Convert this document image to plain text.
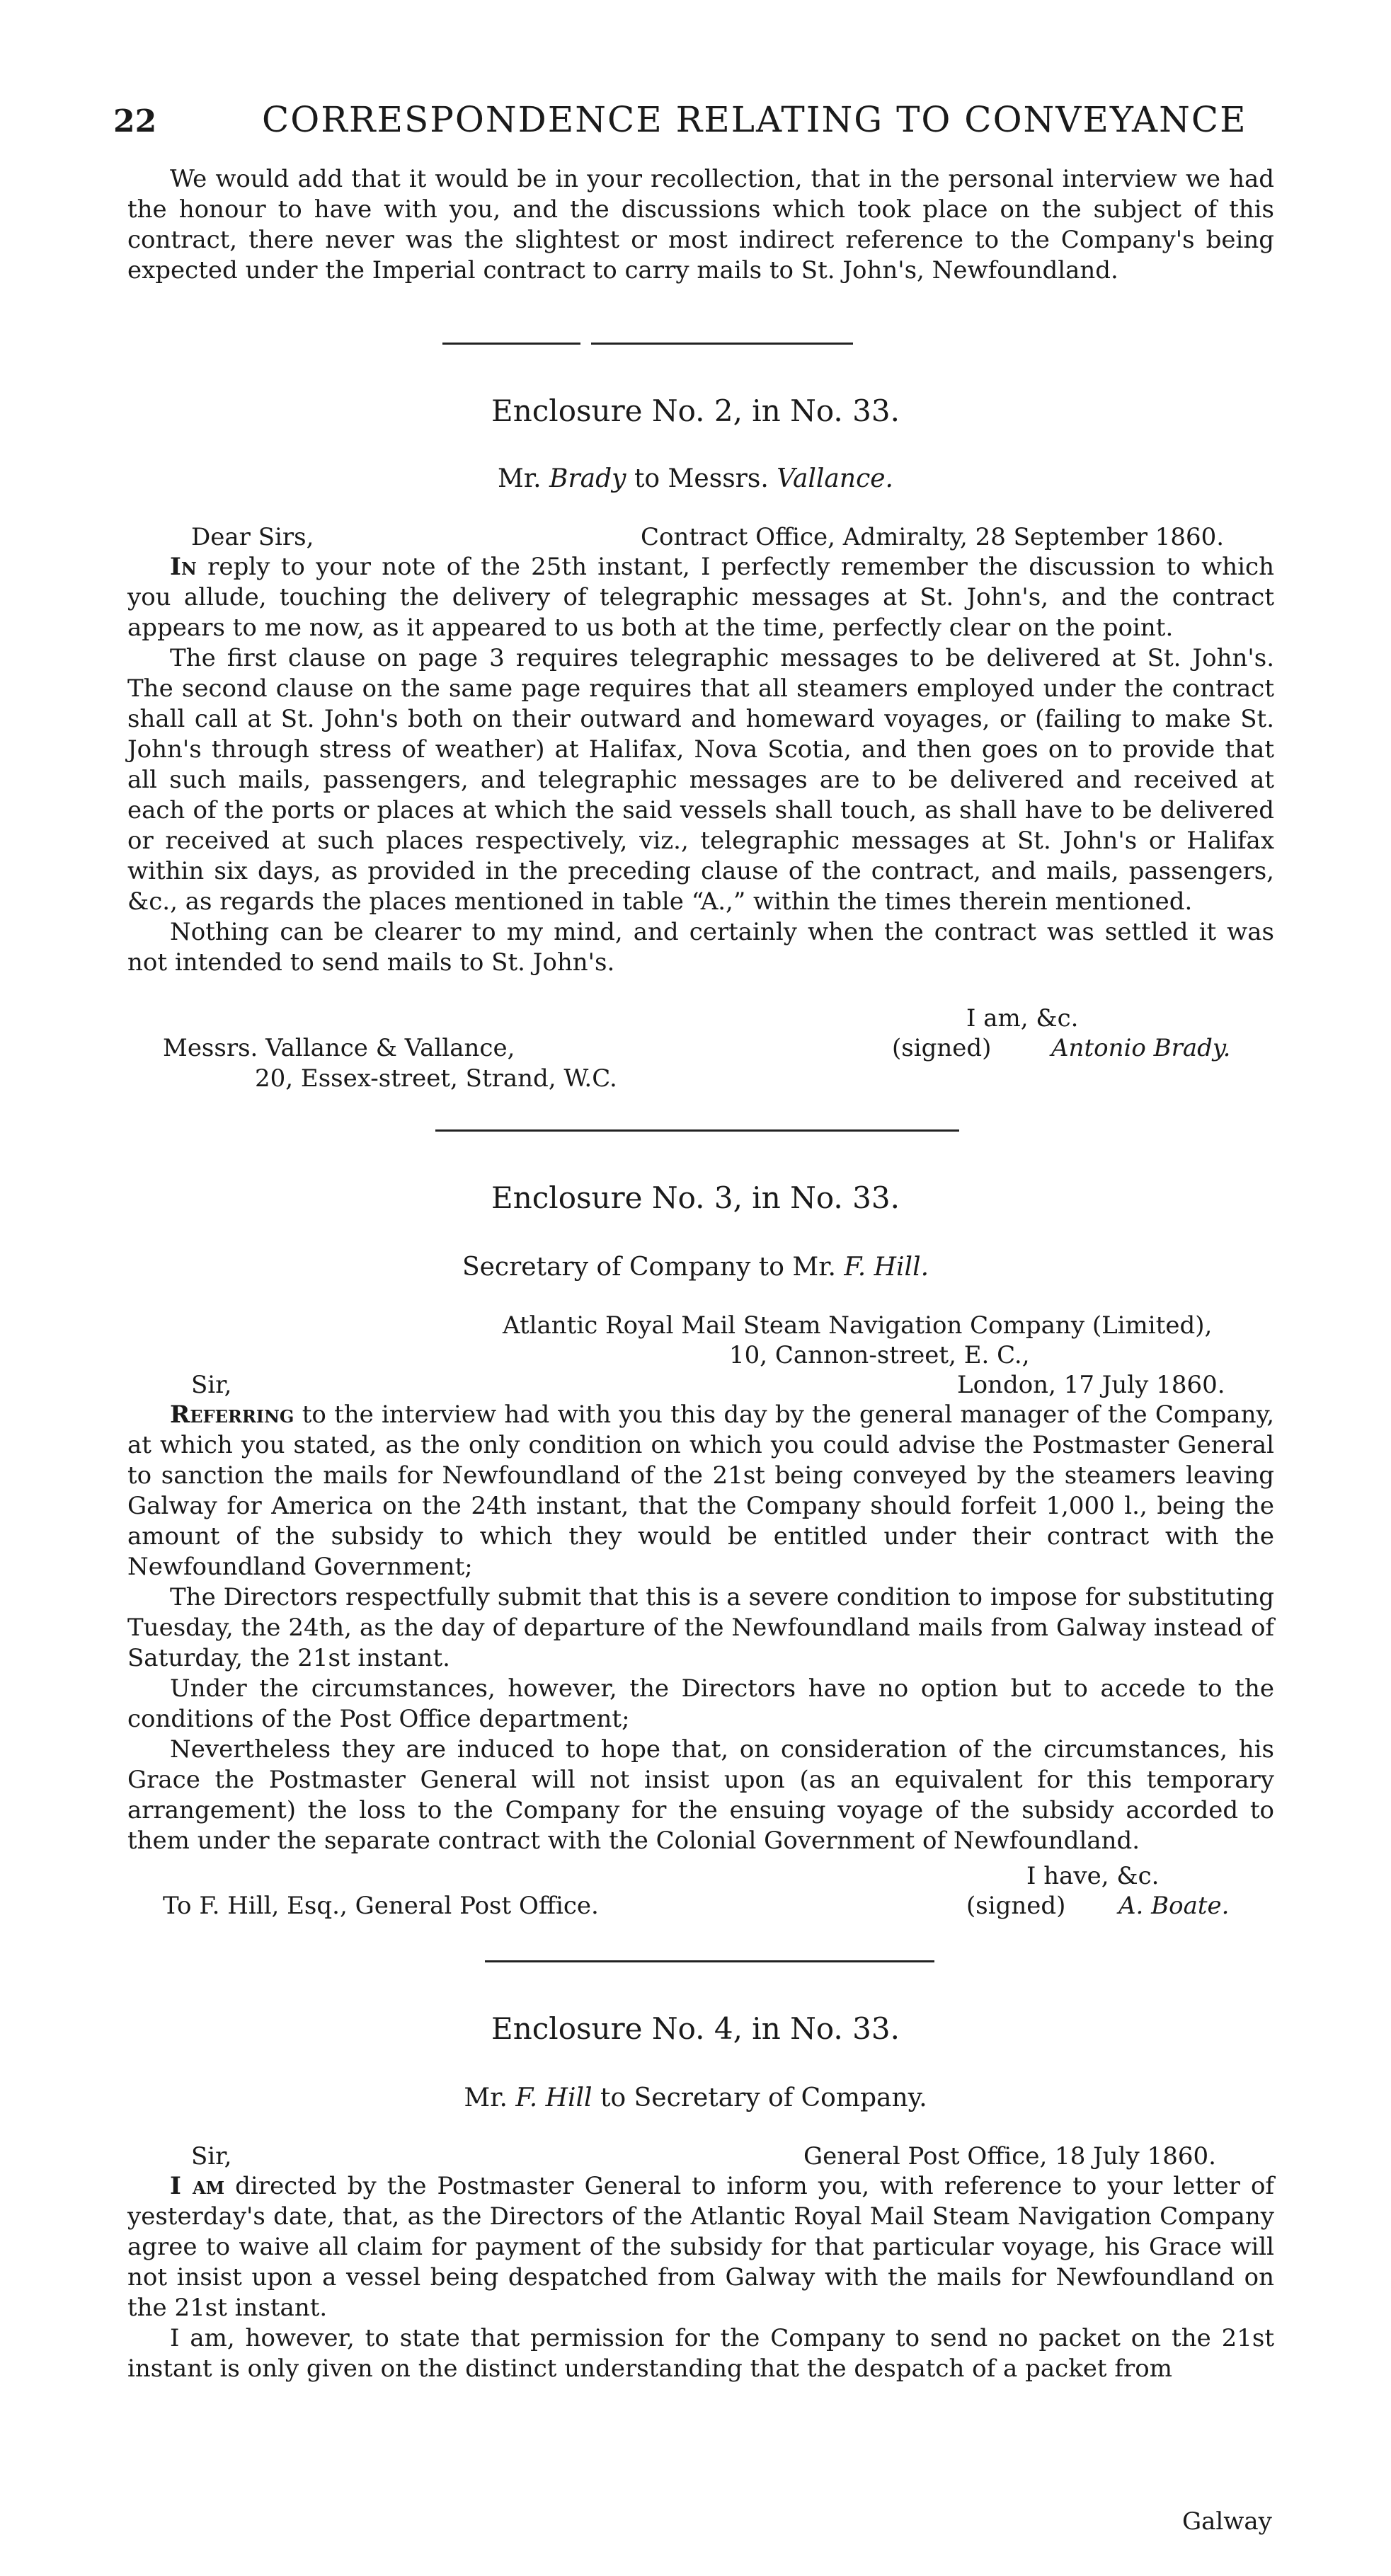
22	CORRESPONDENCE RELATING TO CONVEYANCE

We would add that it would be in your recollection, that in the personal interview we had the honour to have with you, and the discussions which took place on the subject of this contract, there never was the slightest or most indirect reference to the Company's being expected under the Imperial contract to carry mails to St. John's, Newfoundland.

Enclosure No. 2, in No. 33.
Mr. Brady to Messrs. Vallance.
Dear Sirs,	Contract Office, Admiralty, 28 September 1860.

In reply to your note of the 25th instant, I perfectly remember the discussion to which you allude, touching the delivery of telegraphic messages at St. John's, and the contract appears to me now, as it appeared to us both at the time, perfectly clear on the point.

The first clause on page 3 requires telegraphic messages to be delivered at St. John's. The second clause on the same page requires that all steamers employed under the contract shall call at St. John's both on their outward and homeward voyages, or (failing to make St. John's through stress of weather) at Halifax, Nova Scotia, and then goes on to provide that all such mails, passengers, and telegraphic messages are to be delivered and received at each of the ports or places at which the said vessels shall touch, as shall have to be delivered or received at such places respectively, viz., telegraphic messages at St. John's or Halifax within six days, as provided in the preceding clause of the contract, and mails, passengers, &c., as regards the places mentioned in table “A.,” within the times therein mentioned.

Nothing can be clearer to my mind, and certainly when the contract was settled it was not intended to send mails to St. John's.

I am, &c.
Messrs. Vallance & Vallance,	(signed) Antonio Brady.
20, Essex-street, Strand, W.C.
Enclosure No. 3, in No. 33.
Secretary of Company to Mr. F. Hill.
Atlantic Royal Mail Steam Navigation Company (Limited),
10, Cannon-street, E. C.,
Sir,	London, 17 July 1860.

Referring to the interview had with you this day by the general manager of the Company, at which you stated, as the only condition on which you could advise the Postmaster General to sanction the mails for Newfoundland of the 21st being conveyed by the steamers leaving Galway for America on the 24th instant, that the Company should forfeit 1,000 l., being the amount of the subsidy to which they would be entitled under their contract with the Newfoundland Government;

The Directors respectfully submit that this is a severe condition to impose for substituting Tuesday, the 24th, as the day of departure of the Newfoundland mails from Galway instead of Saturday, the 21st instant.

Under the circumstances, however, the Directors have no option but to accede to the conditions of the Post Office department;

Nevertheless they are induced to hope that, on consideration of the circumstances, his Grace the Postmaster General will not insist upon (as an equivalent for this temporary arrangement) the loss to the Company for the ensuing voyage of the subsidy accorded to them under the separate contract with the Colonial Government of Newfoundland.

I have, &c.
To F. Hill, Esq., General Post Office.	(signed) A. Boate.
Enclosure No. 4, in No. 33.
Mr. F. Hill to Secretary of Company.
Sir,	General Post Office, 18 July 1860.

I am directed by the Postmaster General to inform you, with reference to your letter of yesterday's date, that, as the Directors of the Atlantic Royal Mail Steam Navigation Company agree to waive all claim for payment of the subsidy for that particular voyage, his Grace will not insist upon a vessel being despatched from Galway with the mails for Newfoundland on the 21st instant.

I am, however, to state that permission for the Company to send no packet on the 21st instant is only given on the distinct understanding that the despatch of a packet from

Galway
